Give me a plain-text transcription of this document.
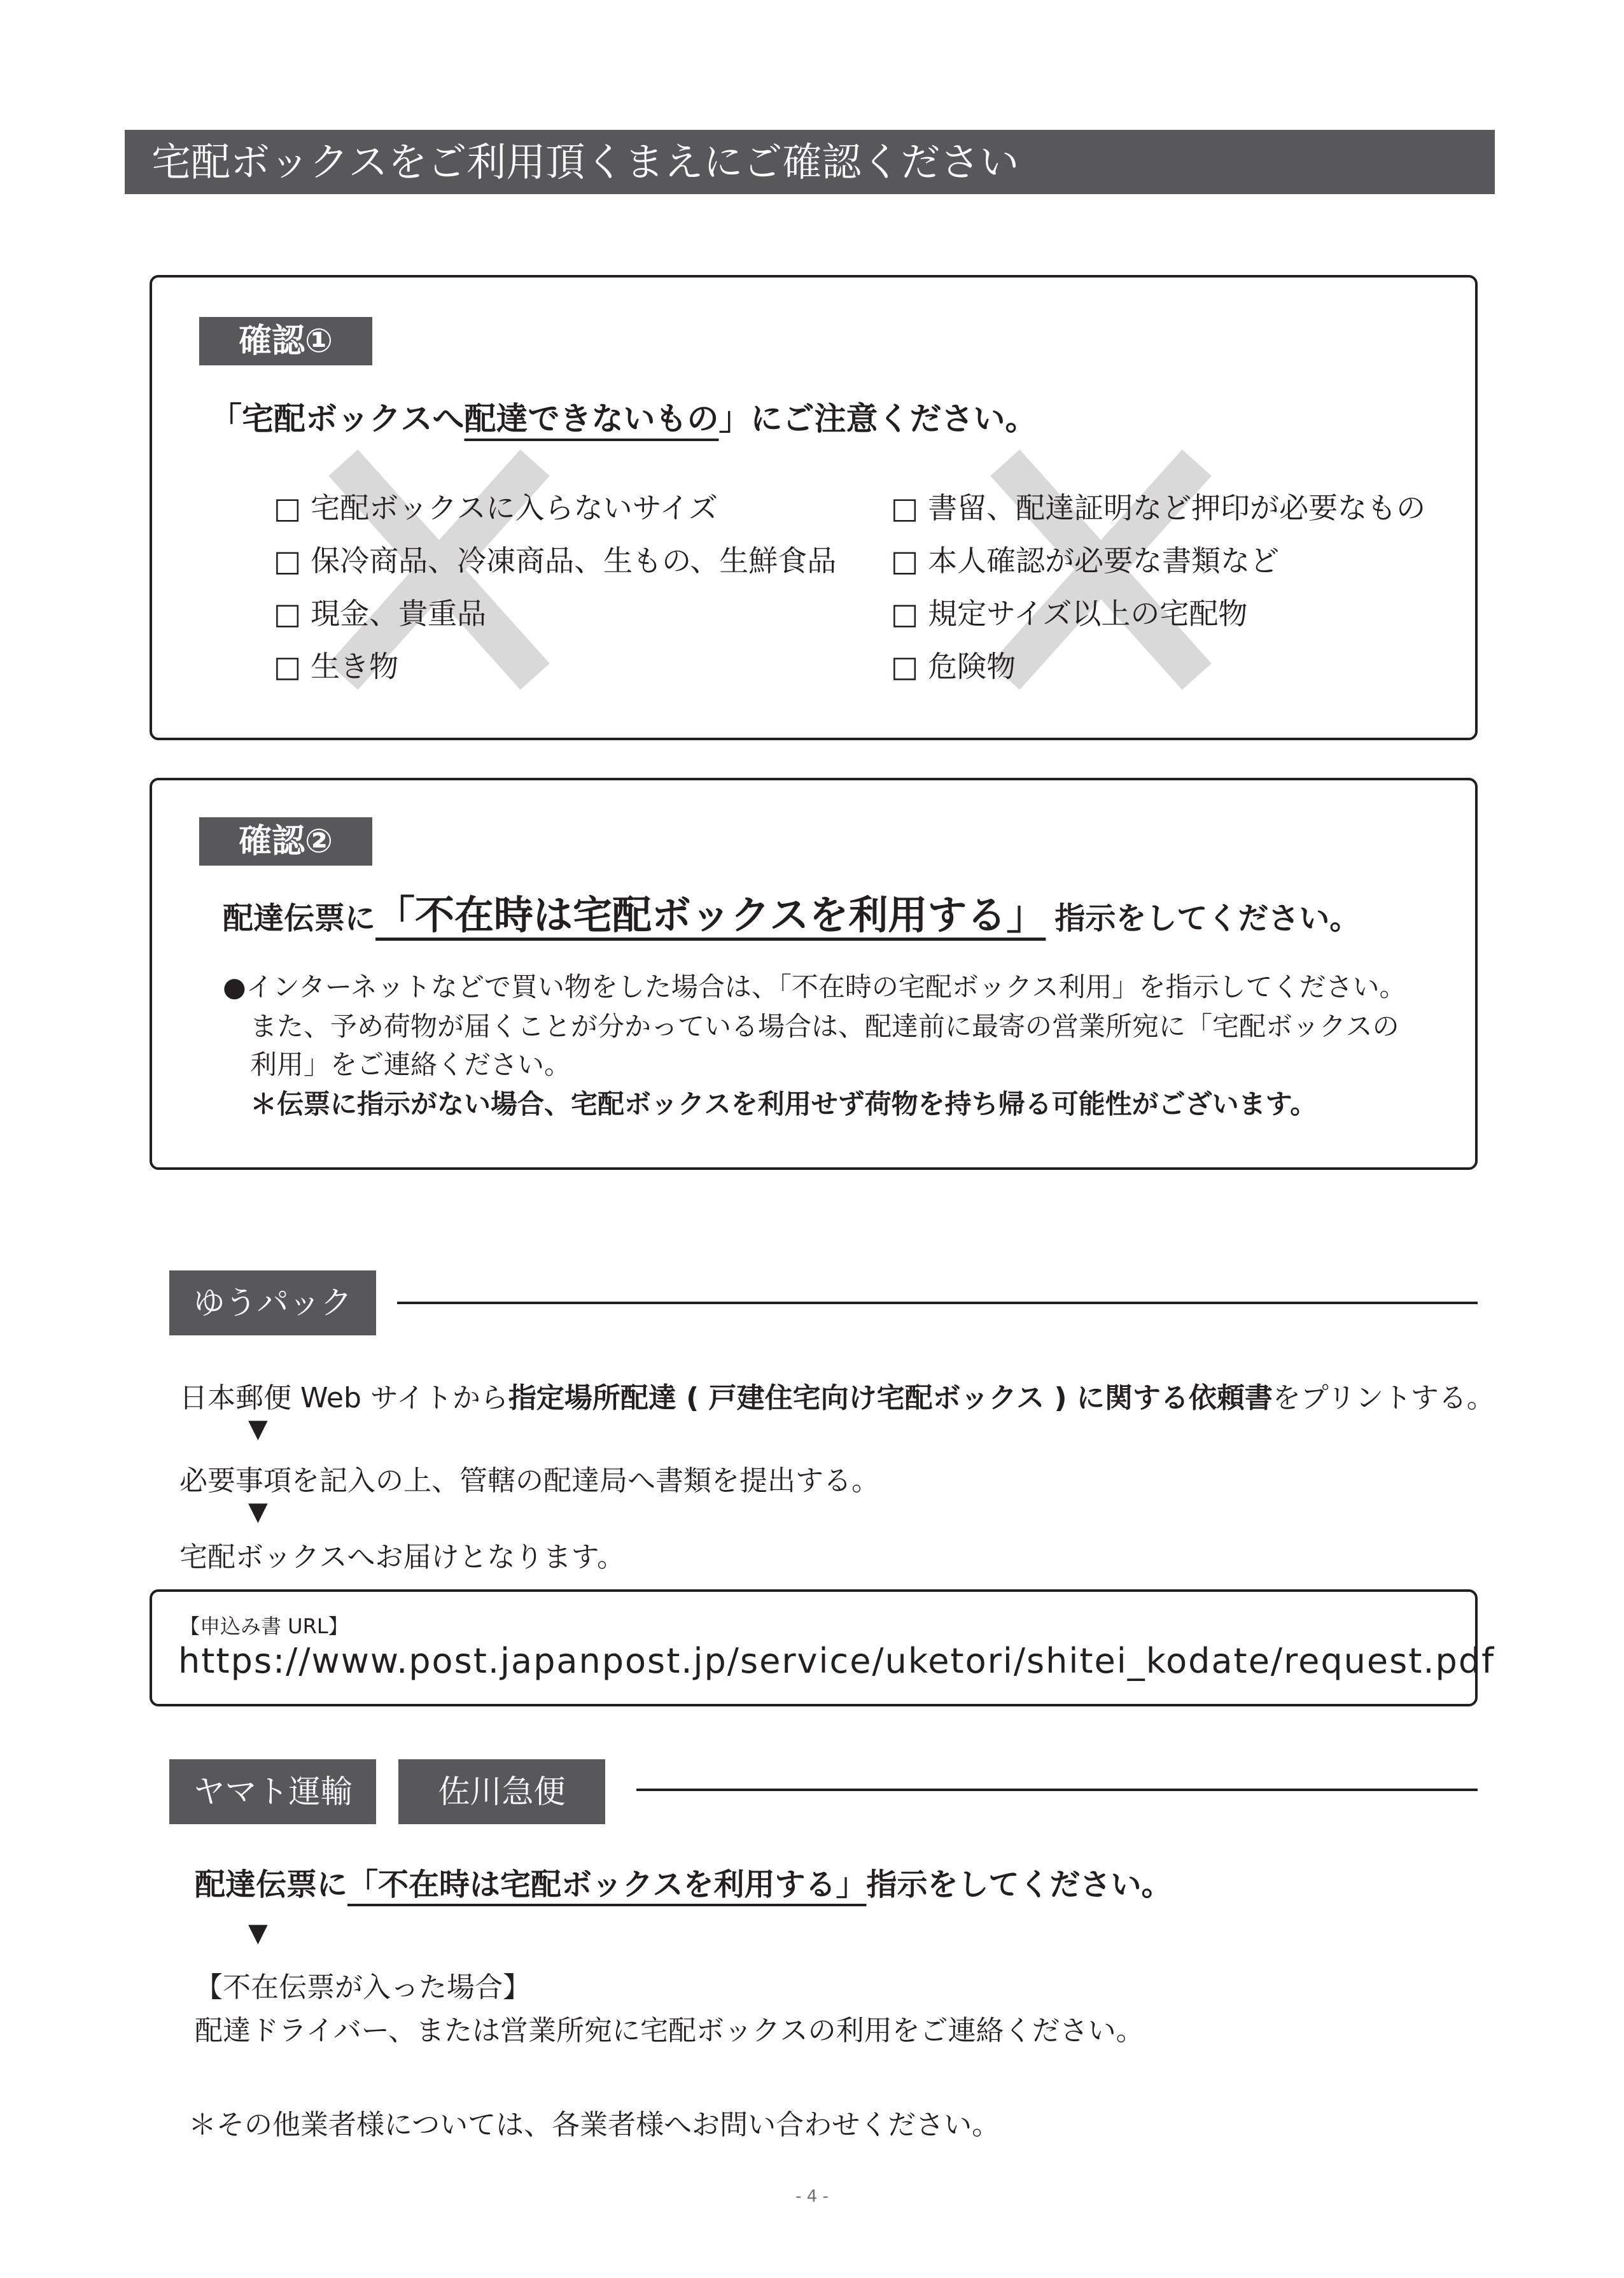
宅配ボックスをご利用頂くまえにご確認ください
確認①
「宅配ボックスへ配達できないもの」にご注意ください。
□ 宅配ボックスに入らないサイズ
□ 保冷商品、冷凍商品、生もの、生鮮食品
□ 現金、貴重品
□ 生き物
□ 書留、配達証明など押印が必要なもの
□ 本人確認が必要な書類など
□ 規定サイズ以上の宅配物
□ 危険物
確認②
配達伝票に「不在時は宅配ボックスを利用する」 指示をしてください。
●インターネットなどで買い物をした場合は、「不在時の宅配ボックス利用」を指示してください。
また、予め荷物が届くことが分かっている場合は、配達前に最寄の営業所宛に「宅配ボックスの
利用」をご連絡ください。
＊伝票に指示がない場合、宅配ボックスを利用せず荷物を持ち帰る可能性がございます。
ゆうパック
日本郵便 Web サイトから指定場所配達 ( 戸建住宅向け宅配ボックス ) に関する依頼書をプリントする。
▼
必要事項を記入の上、管轄の配達局へ書類を提出する。
▼
宅配ボックスへお届けとなります。
【申込み書 URL】
https://www.post.japanpost.jp/service/uketori/shitei_kodate/request.pdf
ヤマト運輸	佐川急便
配達伝票に「不在時は宅配ボックスを利用する」指示をしてください。
▼
【不在伝票が入った場合】
配達ドライバー、または営業所宛に宅配ボックスの利用をご連絡ください。
＊その他業者様については、各業者様へお問い合わせください。
- 4 -
